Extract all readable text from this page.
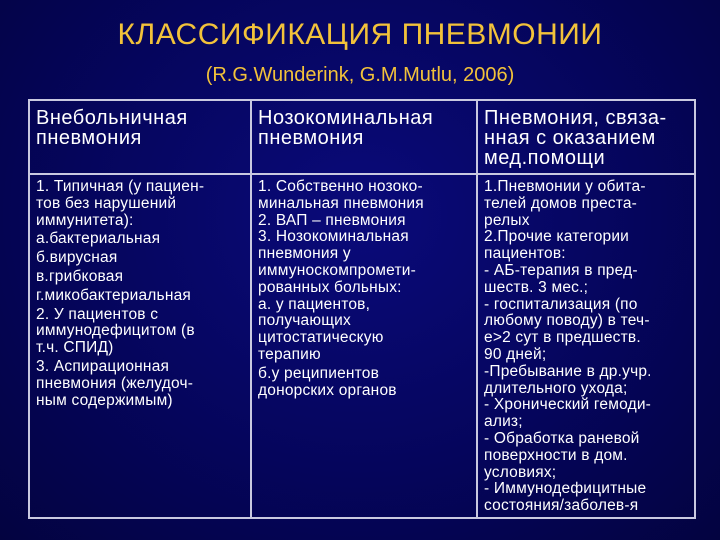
КЛАССИФИКАЦИЯ ПНЕВМОНИИ
(R.G.Wunderink, G.M.Mutlu, 2006)
Внебольничная
пневмония
1. Типичная (у пациен-
тов без нарушений
иммунитета):
а.бактериальная
б.вирусная
в.грибковая
г.микобактериальная
2. У пациентов с
иммунодефицитом (в
т.ч. СПИД)
3. Аспирационная
пневмония (желудоч-
ным содержимым)
Нозокоминальная
пневмония
1. Собственно нозоко-
минальная пневмония
2. ВАП – пневмония
3. Нозокоминальная
пневмония у
иммунoскомпромети-
рованных больных:
а. у пациентов,
получающих
цитостатическую
терапию
б.у реципиентов
донорских органов
Пневмония, связа-
нная с оказанием
мед.помощи
1.Пневмонии у обита-
телей домов преста-
релых
2.Прочие категории
пациентов:
- АБ-терапия в пред-
шеств. 3 мес.;
- госпитализация (по
любому поводу) в теч-
е>2 сут в предшеств.
90 дней;
-Пребывание в др.учр.
длительного ухода;
- Хронический гемоди-
ализ;
- Обработка раневой
поверхности в дом.
условиях;
- Иммунодефицитные
состояния/заболев-я
